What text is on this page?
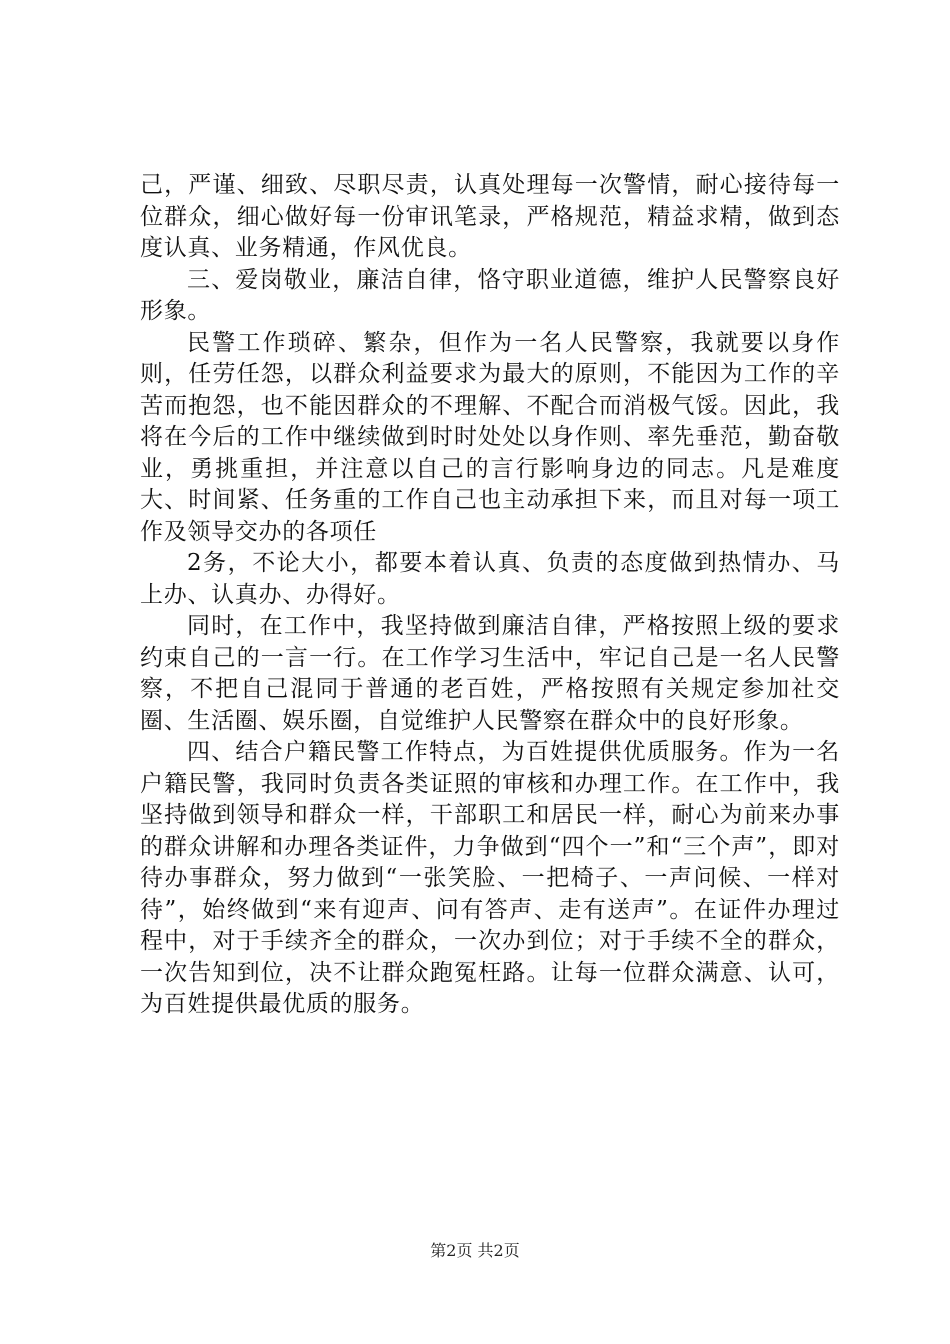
己，严谨、细致、尽职尽责，认真处理每一次警情，耐心接待每一位群众，细心做好每一份审讯笔录，严格规范，精益求精，做到态度认真、业务精通，作风优良。

三、爱岗敬业，廉洁自律，恪守职业道德，维护人民警察良好形象。

民警工作琐碎、繁杂，但作为一名人民警察，我就要以身作则，任劳任怨，以群众利益要求为最大的原则，不能因为工作的辛苦而抱怨，也不能因群众的不理解、不配合而消极气馁。因此，我将在今后的工作中继续做到时时处处以身作则、率先垂范，勤奋敬业，勇挑重担，并注意以自己的言行影响身边的同志。凡是难度大、时间紧、任务重的工作自己也主动承担下来，而且对每一项工作及领导交办的各项任

2务，不论大小，都要本着认真、负责的态度做到热情办、马上办、认真办、办得好。

同时，在工作中，我坚持做到廉洁自律，严格按照上级的要求约束自己的一言一行。在工作学习生活中，牢记自己是一名人民警察，不把自己混同于普通的老百姓，严格按照有关规定参加社交圈、生活圈、娱乐圈，自觉维护人民警察在群众中的良好形象。

四、结合户籍民警工作特点，为百姓提供优质服务。作为一名户籍民警，我同时负责各类证照的审核和办理工作。在工作中，我坚持做到领导和群众一样，干部职工和居民一样，耐心为前来办事的群众讲解和办理各类证件，力争做到“四个一”和“三个声”，即对待办事群众，努力做到“一张笑脸、一把椅子、一声问候、一样对待”，始终做到“来有迎声、问有答声、走有送声”。在证件办理过程中，对于手续齐全的群众，一次办到位；对于手续不全的群众，一次告知到位，决不让群众跑冤枉路。让每一位群众满意、认可，为百姓提供最优质的服务。

第2页 共2页
